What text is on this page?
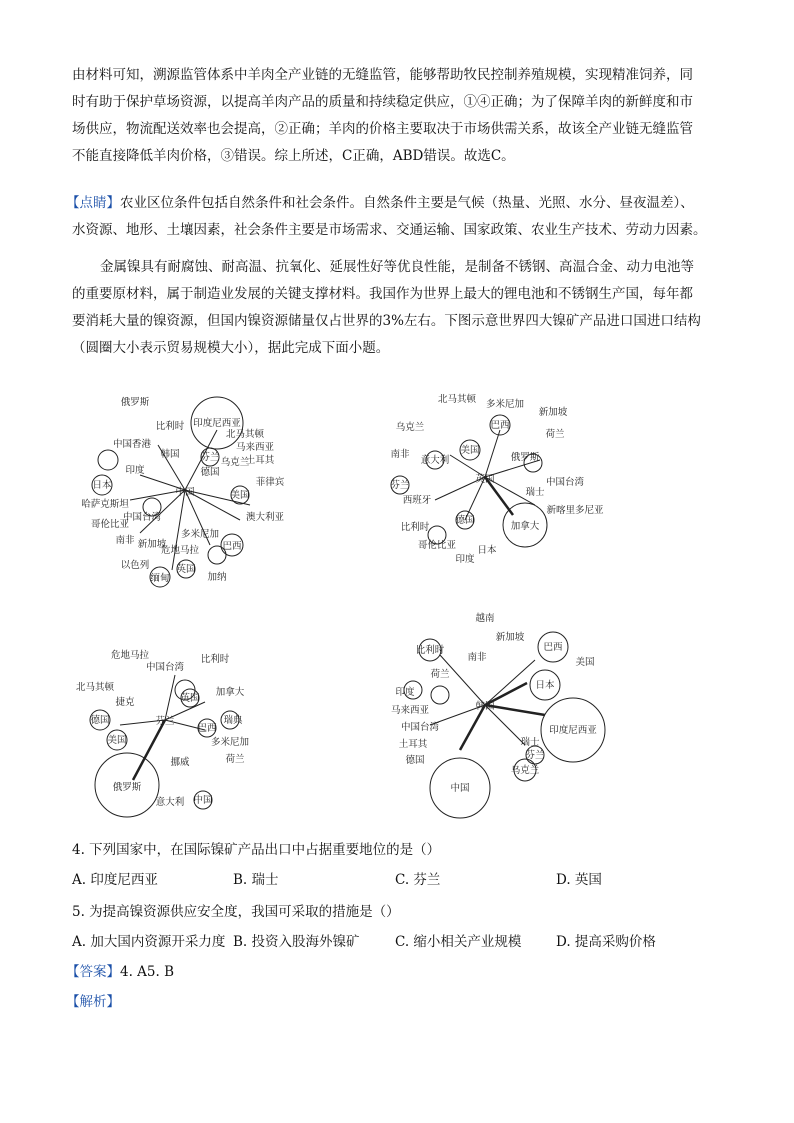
由材料可知，溯源监管体系中羊肉全产业链的无缝监管，能够帮助牧民控制养殖规模，实现精准饲养，同
时有助于保护草场资源，以提高羊肉产品的质量和持续稳定供应，①④正确；为了保障羊肉的新鲜度和市
场供应，物流配送效率也会提高，②正确；羊肉的价格主要取决于市场供需关系，故该全产业链无缝监管
不能直接降低羊肉价格，③错误。综上所述，C正确，ABD错误。故选C。
【点睛】农业区位条件包括自然条件和社会条件。自然条件主要是气候（热量、光照、水分、昼夜温差）、
水资源、地形、土壤因素，社会条件主要是市场需求、交通运输、国家政策、农业生产技术、劳动力因素。
金属镍具有耐腐蚀、耐高温、抗氧化、延展性好等优良性能，是制备不锈钢、高温合金、动力电池等
的重要原材料，属于制造业发展的关键支撑材料。我国作为世界上最大的锂电池和不锈钢生产国，每年都
要消耗大量的镍资源，但国内镍资源储量仅占世界的3%左右。下图示意世界四大镍矿产品进口国进口结构
（圆圈大小表示贸易规模大小），据此完成下面小题。
中国
俄罗斯
印度尼西亚
比利时
北马其顿
马来西亚
土耳其
乌克兰
澳大利亚
菲律宾
日本
中国香港
哈萨克斯坦
中国台湾
哥伦比亚
南非 新加坡
多米尼加
巴西
美国
加纳
英国
以色列
缅甸
危地马拉
芬兰
德国
印度
韩国
英国
北马其顿 多米尼加
新加坡
乌克兰	巴西
美国
南非
意大利	俄罗斯
荷兰
中国台湾
芬兰
西班牙
瑞士
新喀里多尼亚
比利时	加拿大
德国
日本
印度
哥伦比亚
芬兰
危地马拉	比利时
中国台湾
北马其顿
捷克
加拿大
英国
德国
美国
巴西
瑞典
多米尼加
挪威	荷兰
俄罗斯
意大利 中国
韩国
越南
比利时
新加坡
巴西
南非	美国
荷兰
日本
印度
马来西亚
中国台湾	印度尼西亚
土耳其	瑞士
芬兰
德国
乌克兰
中国

4. 下列国家中，在国际镍矿产品出口中占据重要地位的是（）

A. 印度尼西亚	B. 瑞士	C. 芬兰	D. 英国

5. 为提高镍资源供应安全度，我国可采取的措施是（）

A. 加大国内资源开采力度 B. 投资入股海外镍矿	C. 缩小相关产业规模	D. 提高采购价格

【答案】4. A5. B

【解析】
